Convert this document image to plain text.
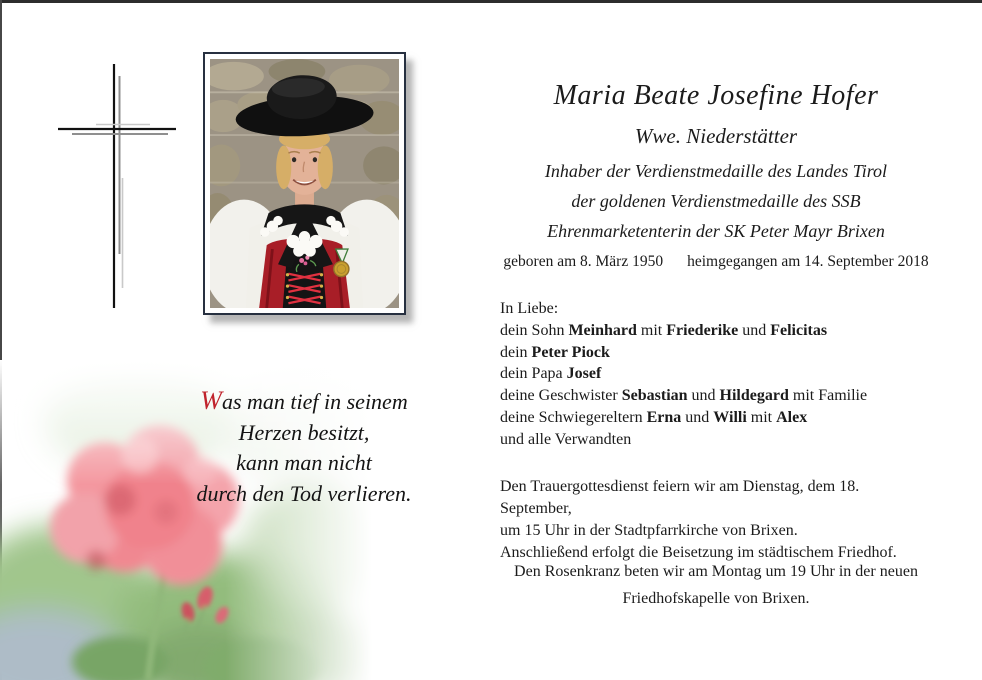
Was man tief in seinem
Herzen besitzt,
kann man nicht
durch den Tod verlieren.
Maria Beate Josefine Hofer
Wwe. Niederstätter
Inhaber der Verdienstmedaille des Landes Tirol
der goldenen Verdienstmedaille des SSB
Ehrenmarketenterin der SK Peter Mayr Brixen
geboren am 8. März 1950 heimgegangen am 14. September 2018
In Liebe:
dein Sohn Meinhard mit Friederike und Felicitas
dein Peter Piock
dein Papa Josef
deine Geschwister Sebastian und Hildegard mit Familie
deine Schwiegereltern Erna und Willi mit Alex
und alle Verwandten
Den Trauergottesdienst feiern wir am Dienstag, dem 18. September,
um 15 Uhr in der Stadtpfarrkirche von Brixen.
Anschließend erfolgt die Beisetzung im städtischem Friedhof.
Den Rosenkranz beten wir am Montag um 19 Uhr in der neuen
Friedhofskapelle von Brixen.
